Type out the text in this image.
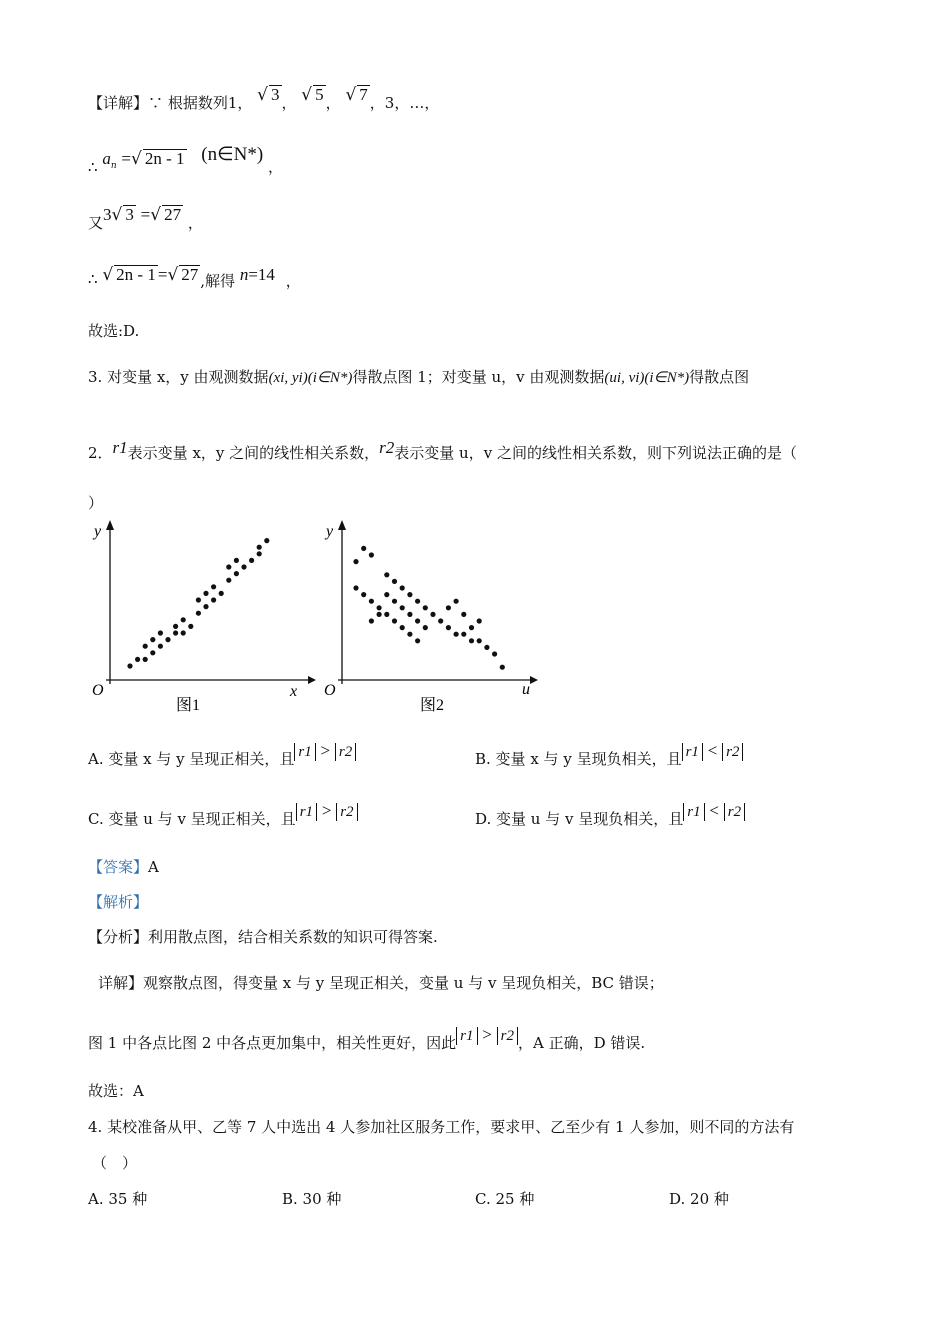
【详解】∵ 根据数列1， √ 3 ， √ 5 ， √ 7 ，3，…，
∴ $a_n$ =√ 2n - 1 (n∈N*) ，
又3√ 3 =√ 27 ，
∴ √ 2n - 1 =√ 27 ,解得 n=14 ，
故选:D.
3. 对变量 x，y 由观测数据(xi, yi)(i∈N*)得散点图 1；对变量 u，v 由观测数据(ui, vi)(i∈N*)得散点图
2．r1表示变量 x，y 之间的线性相关系数，r2表示变量 u，v 之间的线性相关系数，则下列说法正确的是（
）
y
x
O
图1
y
u
O
图2
A. 变量 x 与 y 呈现正相关，且 r1 > r2	B. 变量 x 与 y 呈现负相关，且 r1 < r2
C. 变量 u 与 v 呈现正相关，且 r1 > r2	D. 变量 u 与 v 呈现负相关，且 r1 < r2
【答案】A
【解析】
【分析】利用散点图，结合相关系数的知识可得答案.
详解】观察散点图，得变量 x 与 y 呈现正相关，变量 u 与 v 呈现负相关，BC 错误；
图 1 中各点比图 2 中各点更加集中，相关性更好，因此 r1 > r2 ，A 正确，D 错误.
故选：A
4. 某校准备从甲、乙等 7 人中选出 4 人参加社区服务工作，要求甲、乙至少有 1 人参加，则不同的方法有
（　）
A. 35 种	B. 30 种	C. 25 种	D. 20 种
